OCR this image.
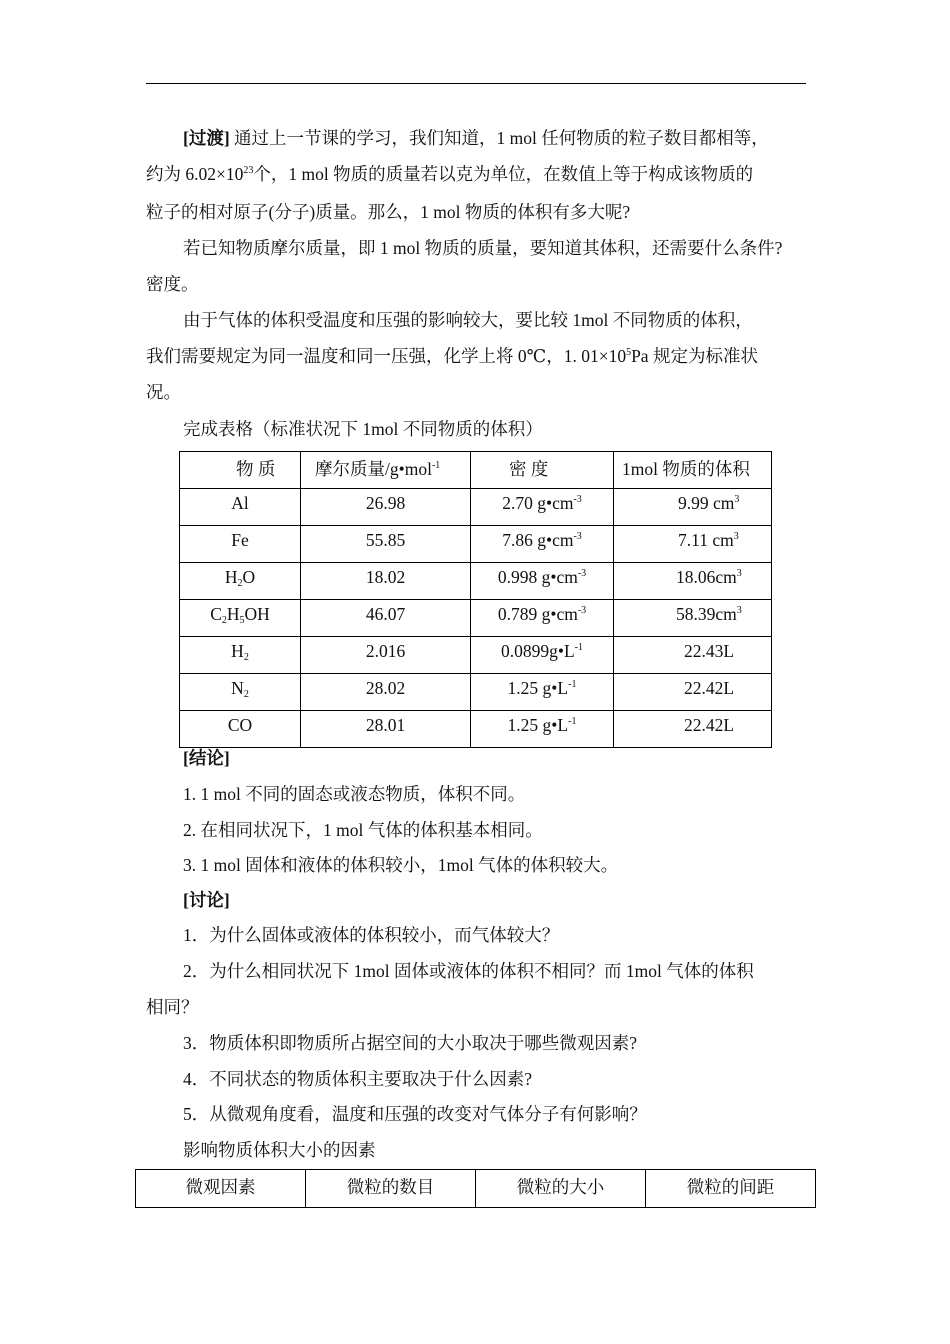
[过渡] 通过上一节课的学习，我们知道，1 mol 任何物质的粒子数目都相等，
约为 $6.02\times 10^{23}$个，1 mol 物质的质量若以克为单位，在数值上等于构成该物质的
粒子的相对原子(分子)质量。那么，1 mol 物质的体积有多大呢?
若已知物质摩尔质量，即 1 mol 物质的质量，要知道其体积，还需要什么条件?
密度。
由于气体的体积受温度和压强的影响较大，要比较 1mol 不同物质的体积，
我们需要规定为同一温度和同一压强，化学上将 0℃，1. $01\times 10^5Pa$ 规定为标准状
况。
完成表格（标准状况下 1mol 不同物质的体积）
物 质	摩尔质量/g•mol$^{-1}$	密 度	1mol 物质的体积

Al	26.98	2.70 $g•cm^{-3}$	9.99 $cm^3$

Fe	55.85	7.86 $g•cm^{-3}$	7.11 $cm^3$

$H_2O$	18.02	0.998 $g•cm^{-3}$	$18.06cm^3$

$C_2H_5OH$	46.07	0.789 $g•cm^{-3}$	$58.39cm^3$

$H_2$	2.016	$0.0899g•L^{-1}$	22.43L

$N_2$	28.02	1.25 $g•L^{-1}$	22.42L

CO	28.01	1.25 $g•L^{-1}$	22.42L
[结论]
1. 1 mol 不同的固态或液态物质，体积不同。
2. 在相同状况下，1 mol 气体的体积基本相同。
3. 1 mol 固体和液体的体积较小，1mol 气体的体积较大。
[讨论]
1．为什么固体或液体的体积较小，而气体较大？
2．为什么相同状况下 1mol 固体或液体的体积不相同？而 1mol 气体的体积
相同？
3．物质体积即物质所占据空间的大小取决于哪些微观因素?
4．不同状态的物质体积主要取决于什么因素?
5．从微观角度看，温度和压强的改变对气体分子有何影响？
影响物质体积大小的因素
微观因素	微粒的数目	微粒的大小	微粒的间距
